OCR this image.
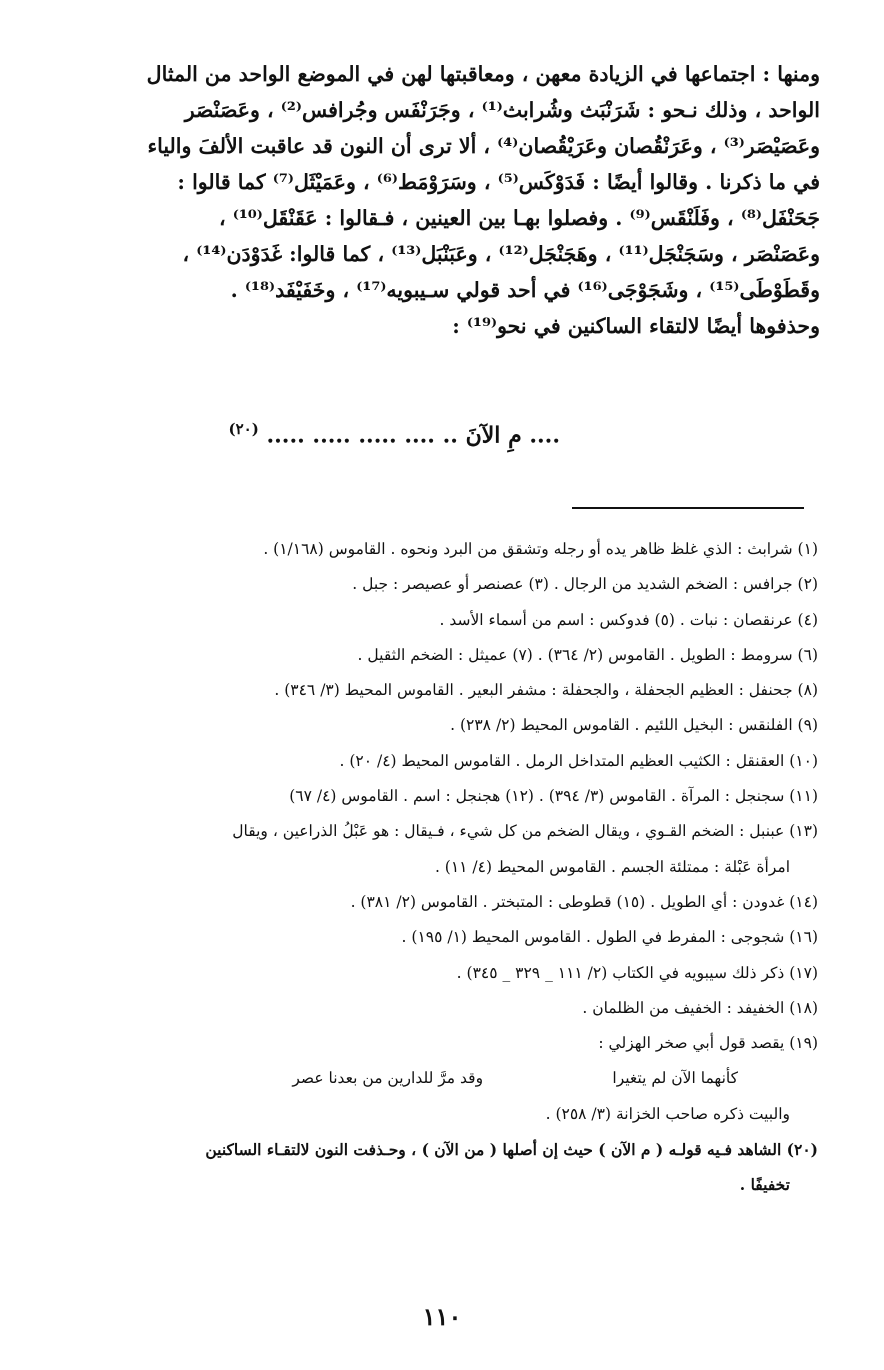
ومنها : اجتماعها في الزيادة معهن ، ومعاقبتها لهن في الموضع الواحد من المثال
الواحد ، وذلك نـحو : شَرَنْبَث وشُرابث⁽¹⁾ ، وجَرَنْفَس وجُرافس⁽²⁾ ، وعَصَنْصَر
وعَصَيْصَر⁽³⁾ ، وعَرَنْقُصان وعَرَيْقُصان⁽⁴⁾ ، ألا ترى أن النون قد عاقبت الألفَ والياء
في ما ذكرنا . وقالوا أيضًا : فَدَوْكَس⁽⁵⁾ ، وسَرَوْمَط⁽⁶⁾ ، وعَمَيْثَل⁽⁷⁾ كما قالوا :
جَحَنْفَل⁽⁸⁾ ، وفَلَنْقَس⁽⁹⁾ . وفصلوا بهـا بين العينين ، فـقالوا : عَقَنْقَل⁽¹⁰⁾ ،
وعَصَنْصَر ، وسَجَنْجَل⁽¹¹⁾ ، وهَجَنْجَل⁽¹²⁾ ، وعَبَنْبَل⁽¹³⁾ ، كما قالوا: غَدَوْدَن⁽¹⁴⁾ ،
وقَطَوْطَى⁽¹⁵⁾ ، وشَجَوْجَى⁽¹⁶⁾ في أحد قولي سـيبويه⁽¹⁷⁾ ، وخَفَيْفَد⁽¹⁸⁾ .
وحذفوها أيضًا لالتقاء الساكنين في نحو⁽¹⁹⁾ :
.... مِ الآنَ .. .... ..... ..... ..... $^{(٢٠)}$
(١) شرابث : الذي غلظ ظاهر يده أو رجله وتشقق من البرد ونحوه . القاموس (١/١٦٨) .
(٢) جرافس : الضخم الشديد من الرجال . (٣) عصنصر أو عصيصر : جبل .
(٤) عرنقصان : نبات . (٥) فدوكس : اسم من أسماء الأسد .
(٦) سرومط : الطويل . القاموس (٢/ ٣٦٤) . (٧) عميثل : الضخم الثقيل .
(٨) جحنفل : العظيم الجحفلة ، والجحفلة : مشفر البعير . القاموس المحيط (٣/ ٣٤٦) .
(٩) الفلنقس : البخيل اللئيم . القاموس المحيط (٢/ ٢٣٨) .
(١٠) العقنقل : الكثيب العظيم المتداخل الرمل . القاموس المحيط (٤/ ٢٠) .
(١١) سجنجل : المرآة . القاموس (٣/ ٣٩٤) . (١٢) هجنجل : اسم . القاموس (٤/ ٦٧)
(١٣) عبنبل : الضخم القـوي ، ويقال الضخم من كل شيء ، فـيقال : هو عَبْلُ الذراعين ، ويقال
امرأة عَبْلة : ممتلئة الجسم . القاموس المحيط (٤/ ١١) .
(١٤) غدودن : أي الطويل . (١٥) قطوطى : المتبختر . القاموس (٢/ ٣٨١) .
(١٦) شجوجى : المفرط في الطول . القاموس المحيط (١/ ١٩٥) .
(١٧) ذكر ذلك سيبويه في الكتاب (٢/ ١١١ _ ٣٢٩ _ ٣٤٥) .
(١٨) الخفيفد : الخفيف من الظلمان .
(١٩) يقصد قول أبي صخر الهزلي :
كأنهما الآن لم يتغيرا وقد مرَّ للدارين من بعدنا عصر
والبيت ذكره صاحب الخزانة (٣/ ٢٥٨) .
(٢٠) الشاهد فـيه قولـه ( م الآن ) حيث إن أصلها ( من الآن ) ، وحـذفت النون لالتقـاء الساكنين
تخفيفًا .
١١٠
